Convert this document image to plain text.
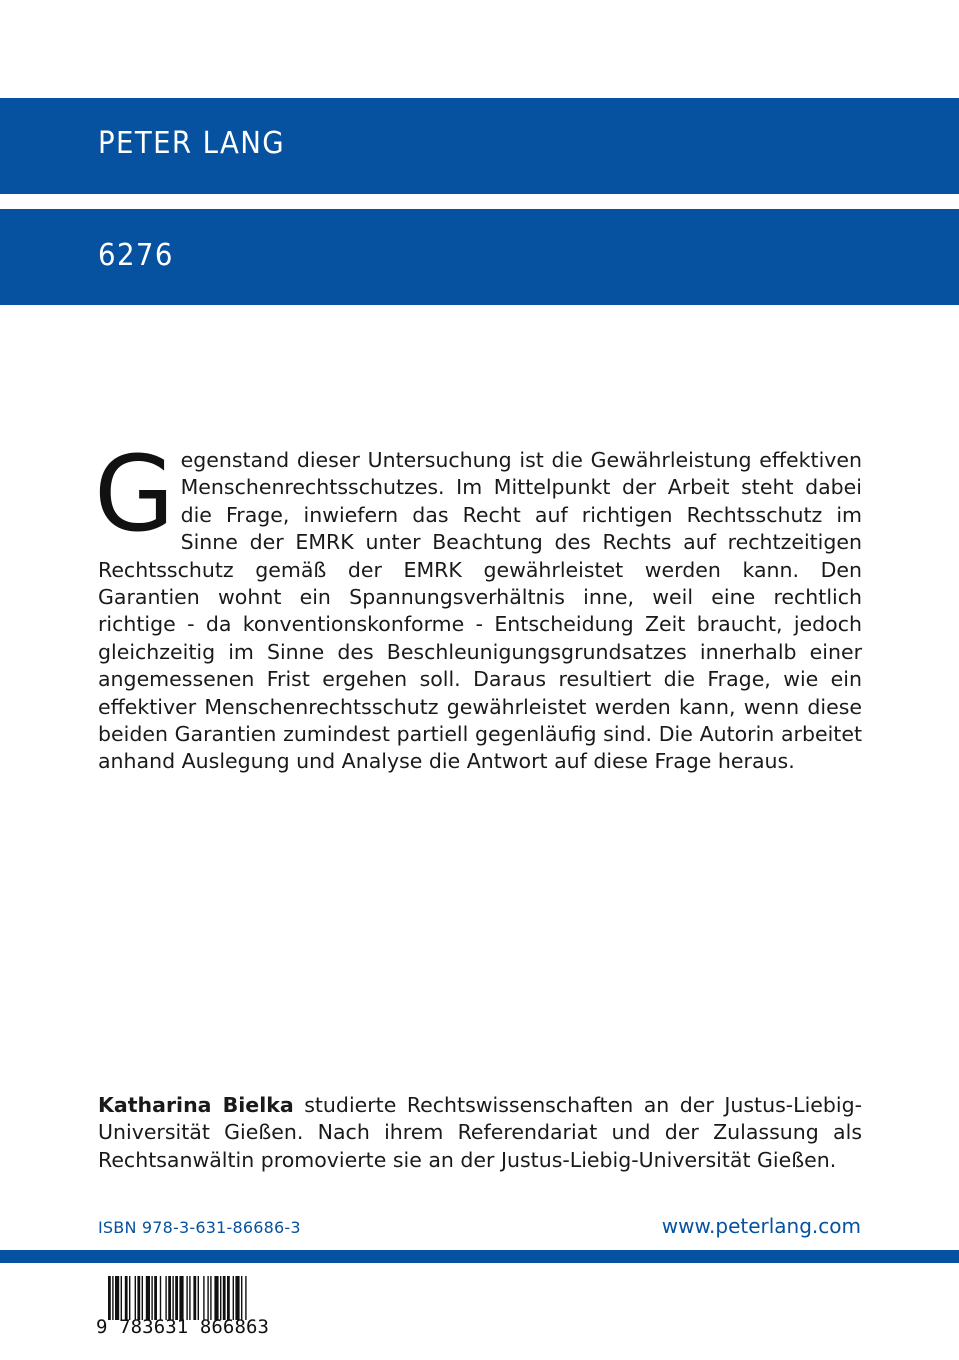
PETER LANG
6276
Gegenstand dieser Untersuchung ist die Gewährleistung effektiven Menschenrechtsschutzes. Im Mittelpunkt der Arbeit steht dabei die Frage, inwiefern das Recht auf richtigen Rechtsschutz im Sinne der EMRK unter Beachtung des Rechts auf rechtzeitigen Rechtsschutz gemäß der EMRK gewährleistet werden kann. Den Garantien wohnt ein Spannungsverhältnis inne, weil eine rechtlich richtige - da konventionskonforme - Entscheidung Zeit braucht, jedoch gleichzeitig im Sinne des Beschleunigungsgrundsatzes innerhalb einer angemessenen Frist ergehen soll. Daraus resultiert die Frage, wie ein effektiver Menschenrechtsschutz gewährleistet werden kann, wenn diese beiden Garantien zumindest partiell gegenläufig sind. Die Autorin arbeitet anhand Auslegung und Analyse die Antwort auf diese Frage heraus.
Katharina Bielka studierte Rechtswissenschaften an der Justus-Liebig-Universität Gießen. Nach ihrem Referendariat und der Zulassung als Rechtsanwältin promovierte sie an der Justus-Liebig-Universität Gießen.
ISBN 978-3-631-86686-3	www.peterlang.com
9 783631 866863
